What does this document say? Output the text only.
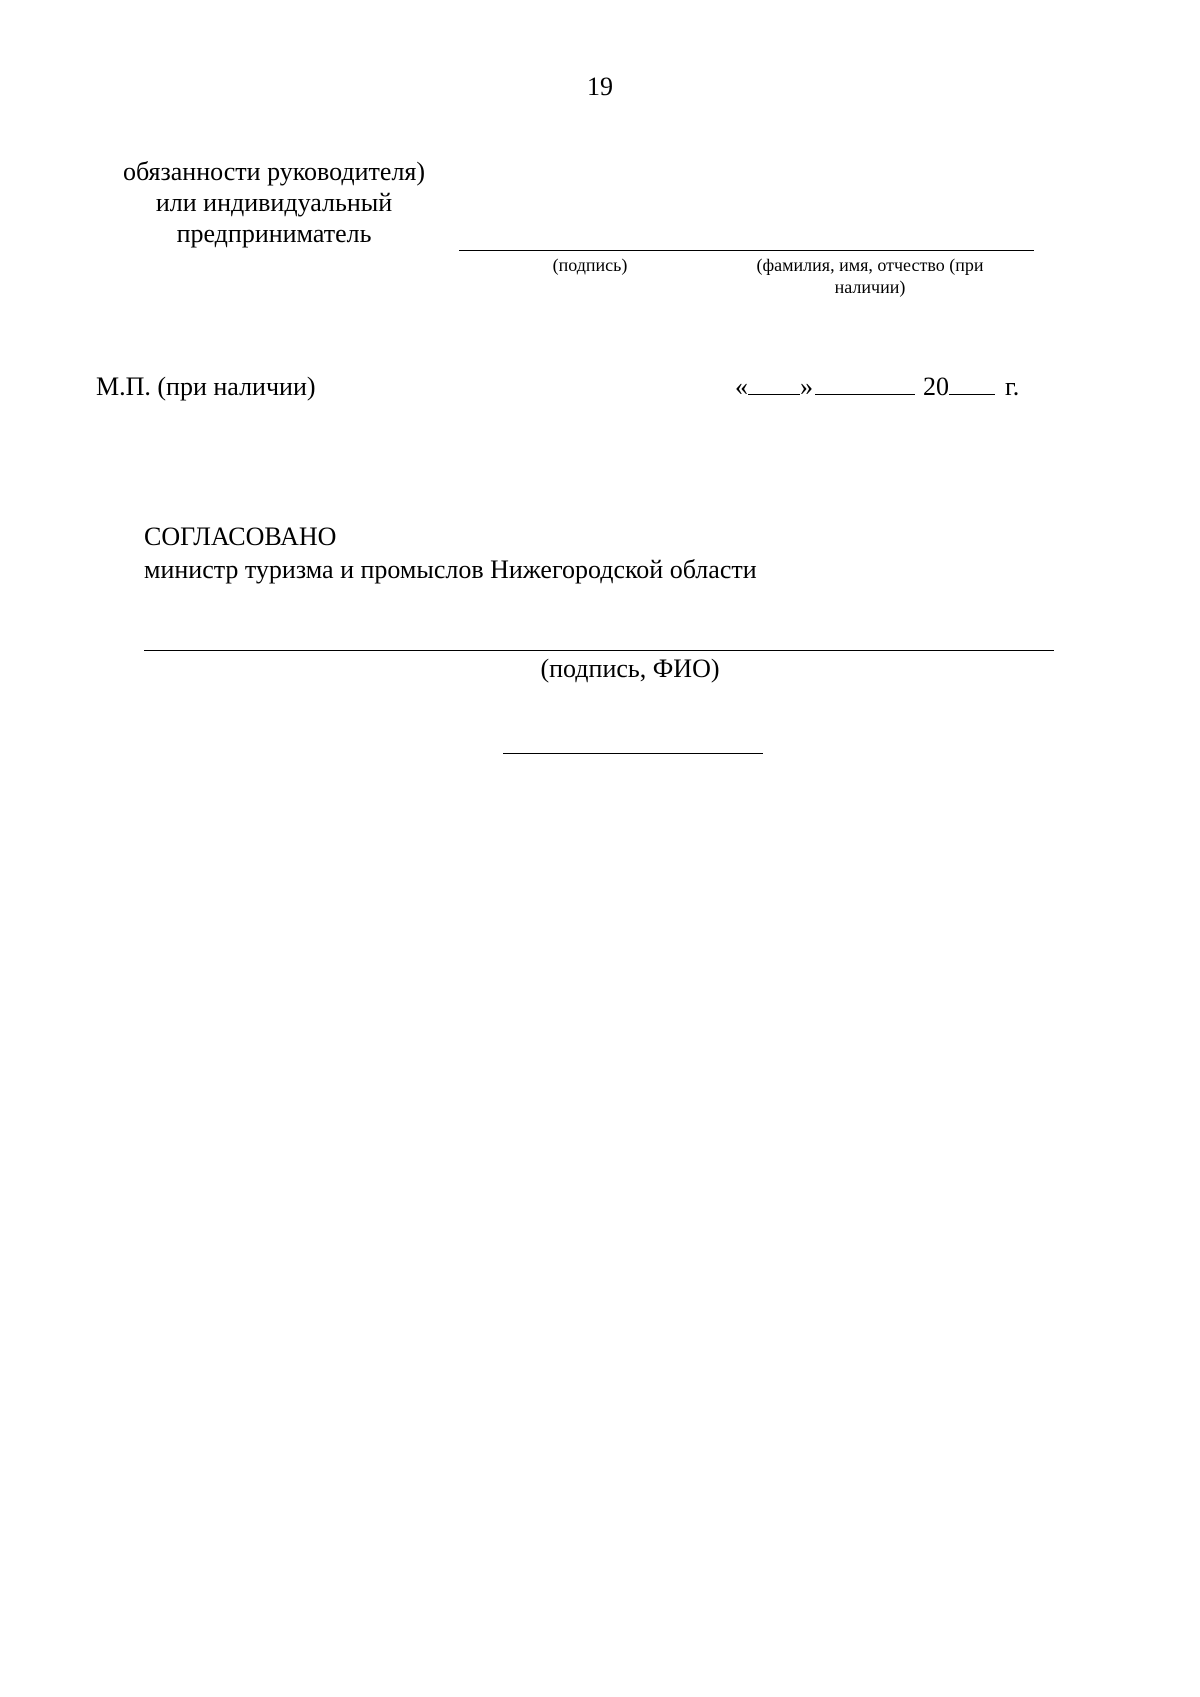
19
обязанности руководителя)
или индивидуальный
предприниматель
(подпись)	(фамилия, имя, отчество (при наличии)
М.П. (при наличии)	« »	20 г.
СОГЛАСОВАНО
министр туризма и промыслов Нижегородской области
(подпись, ФИО)
